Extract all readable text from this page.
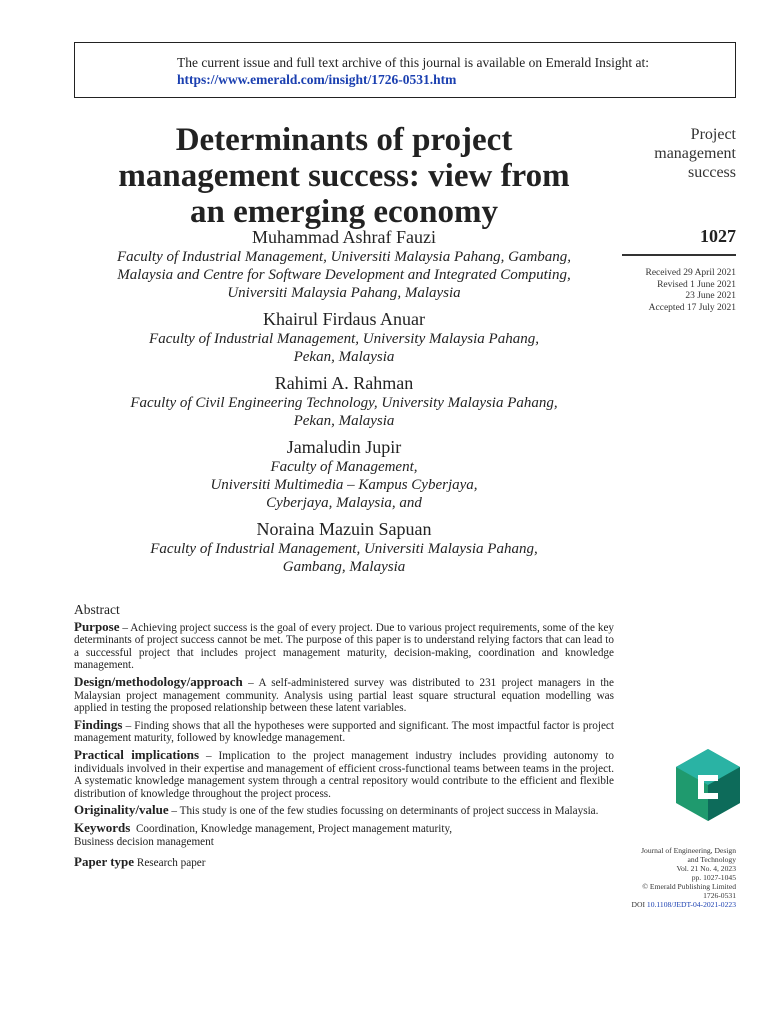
The current issue and full text archive of this journal is available on Emerald Insight at:
https://www.emerald.com/insight/1726-0531.htm
Determinants of project
management success: view from
an emerging economy
Muhammad Ashraf Fauzi
Faculty of Industrial Management, Universiti Malaysia Pahang, Gambang,
Malaysia and Centre for Software Development and Integrated Computing,
Universiti Malaysia Pahang, Malaysia
Khairul Firdaus Anuar
Faculty of Industrial Management, University Malaysia Pahang,
Pekan, Malaysia
Rahimi A. Rahman
Faculty of Civil Engineering Technology, University Malaysia Pahang,
Pekan, Malaysia
Jamaludin Jupir
Faculty of Management,
Universiti Multimedia – Kampus Cyberjaya,
Cyberjaya, Malaysia, and
Noraina Mazuin Sapuan
Faculty of Industrial Management, Universiti Malaysia Pahang,
Gambang, Malaysia
Project
management
success
1027
Received 29 April 2021
Revised 1 June 2021
23 June 2021
Accepted 17 July 2021
Abstract

Purpose – Achieving project success is the goal of every project. Due to various project requirements, some of the key determinants of project success cannot be met. The purpose of this paper is to understand relying factors that can lead to a successful project that includes project management maturity, decision-making, coordination and knowledge management.

Design/methodology/approach – A self-administered survey was distributed to 231 project managers in the Malaysian project management community. Analysis using partial least square structural equation modelling was applied in testing the proposed relationship between these latent variables.

Findings – Finding shows that all the hypotheses were supported and significant. The most impactful factor is project management maturity, followed by knowledge management.

Practical implications – Implication to the project management industry includes providing autonomy to individuals involved in their expertise and management of efficient cross-functional teams between teams in the project. A systematic knowledge management system through a central repository would contribute to the efficient and flexible distribution of knowledge throughout the project process.

Originality/value – This study is one of the few studies focussing on determinants of project success in Malaysia.

Keywords Coordination, Knowledge management, Project management maturity,
Business decision management
Paper type Research paper
Journal of Engineering, Design
and Technology
Vol. 21 No. 4, 2023
pp. 1027-1045
© Emerald Publishing Limited
1726-0531
DOI 10.1108/JEDT-04-2021-0223
